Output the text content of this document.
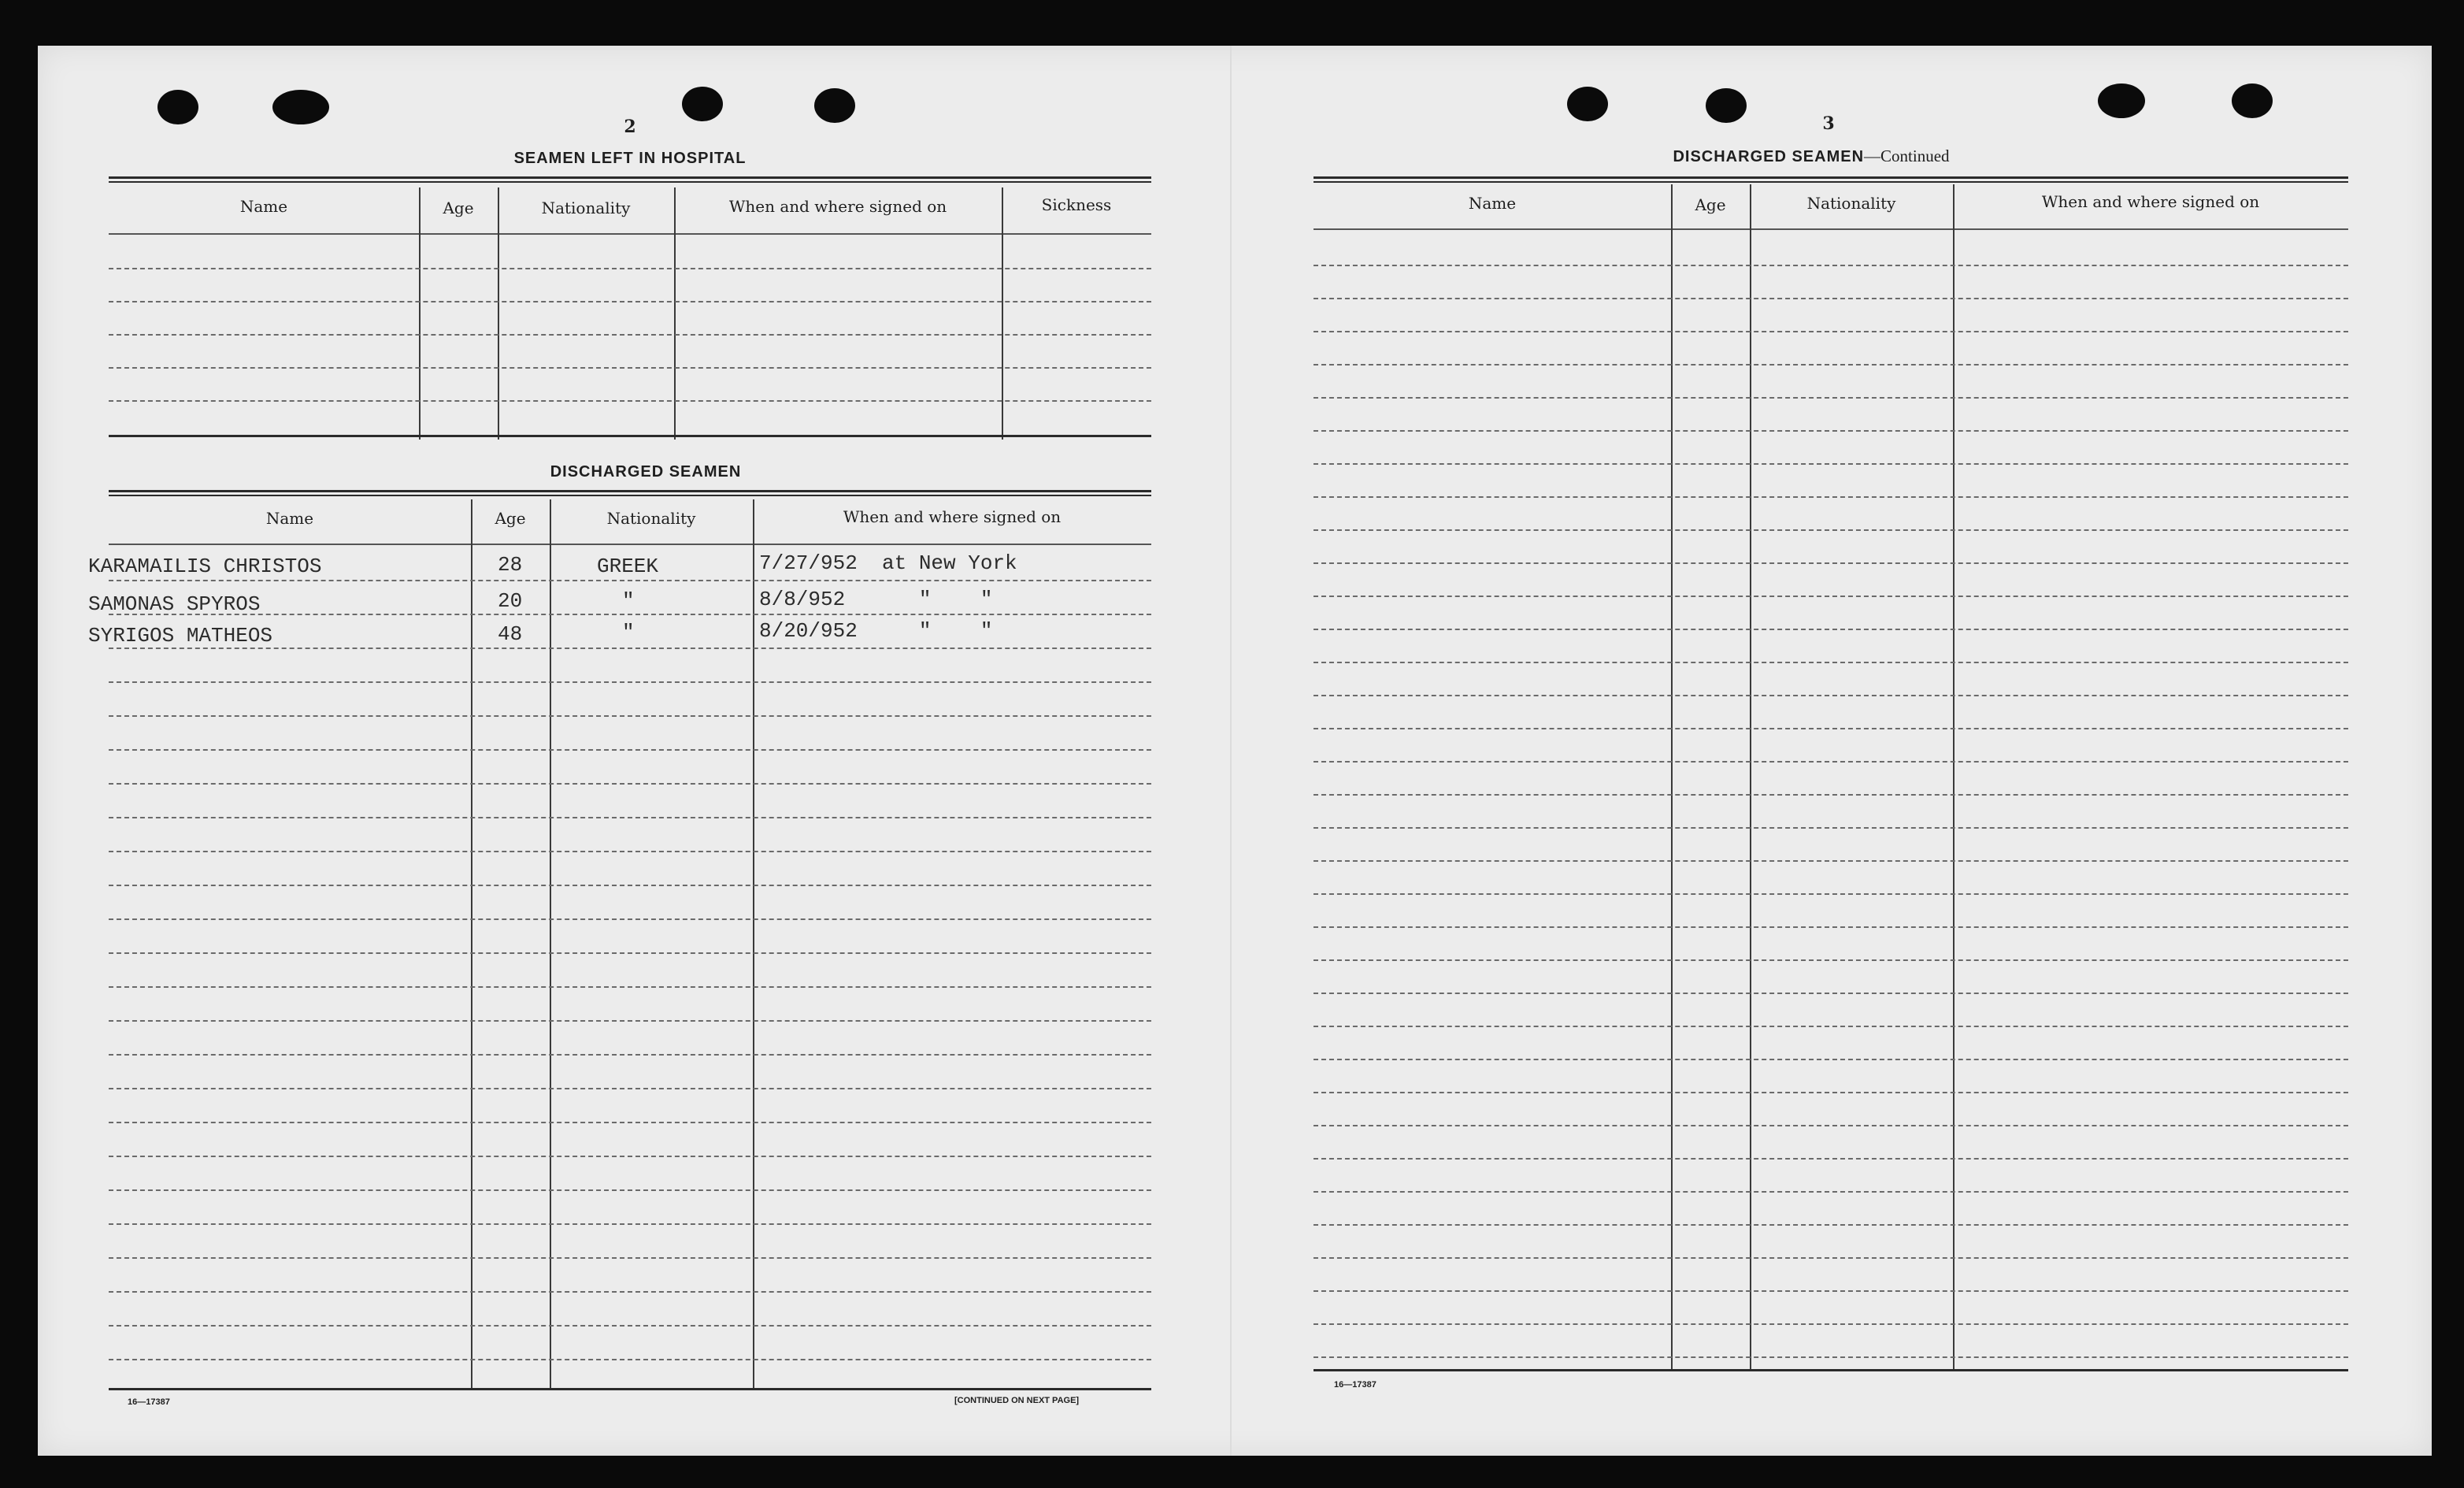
2
SEAMEN LEFT IN HOSPITAL
Name	Age	Nationality	When and where signed on	Sickness
DISCHARGED SEAMEN
Name	Age	Nationality	When and where signed on
KARAMAILIS CHRISTOS	28	GREEK	7/27/952  at New York
SAMONAS SPYROS	20	"	8/8/952      "    "
SYRIGOS MATHEOS	48	"	8/20/952     "    "
16—17387	[CONTINUED ON NEXT PAGE]
3
DISCHARGED SEAMEN—Continued
Name	Age	Nationality	When and where signed on
16—17387
